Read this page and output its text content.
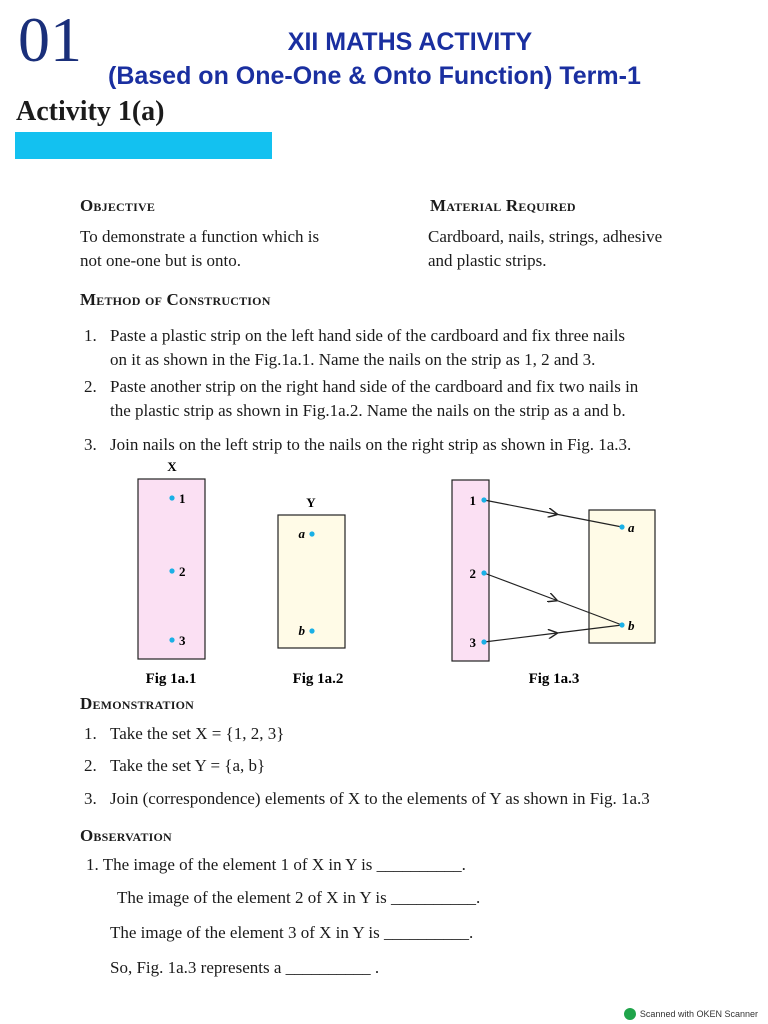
01	XII MATHS ACTIVITY
(Based on One-One & Onto Function) Term-1
Activity 1(a)
Objective
To demonstrate a function which is
not one-one but is onto.
Material Required
Cardboard, nails, strings, adhesive
and plastic strips.
Method of Construction
1. Paste a plastic strip on the left hand side of the cardboard and fix three nails
on it as shown in the Fig.1a.1. Name the nails on the strip as 1, 2 and 3.
2. Paste another strip on the right hand side of the cardboard and fix two nails in
the plastic strip as shown in Fig.1a.2. Name the nails on the strip as a and b.
3. Join nails on the left strip to the nails on the right strip as shown in Fig. 1a.3.
X
1
2
3
Fig 1a.1
Y
a
b
Fig 1a.2
1
2
3
a
b
Fig 1a.3
Demonstration
1. Take the set X = {1, 2, 3}
2. Take the set Y = {a, b}
3. Join (correspondence) elements of X to the elements of Y as shown in Fig. 1a.3
Observation
1. The image of the element 1 of X in Y is __________.
The image of the element 2 of X in Y is __________.
The image of the element 3 of X in Y is __________.
So, Fig. 1a.3 represents a __________ .
Scanned with OKEN Scanner
